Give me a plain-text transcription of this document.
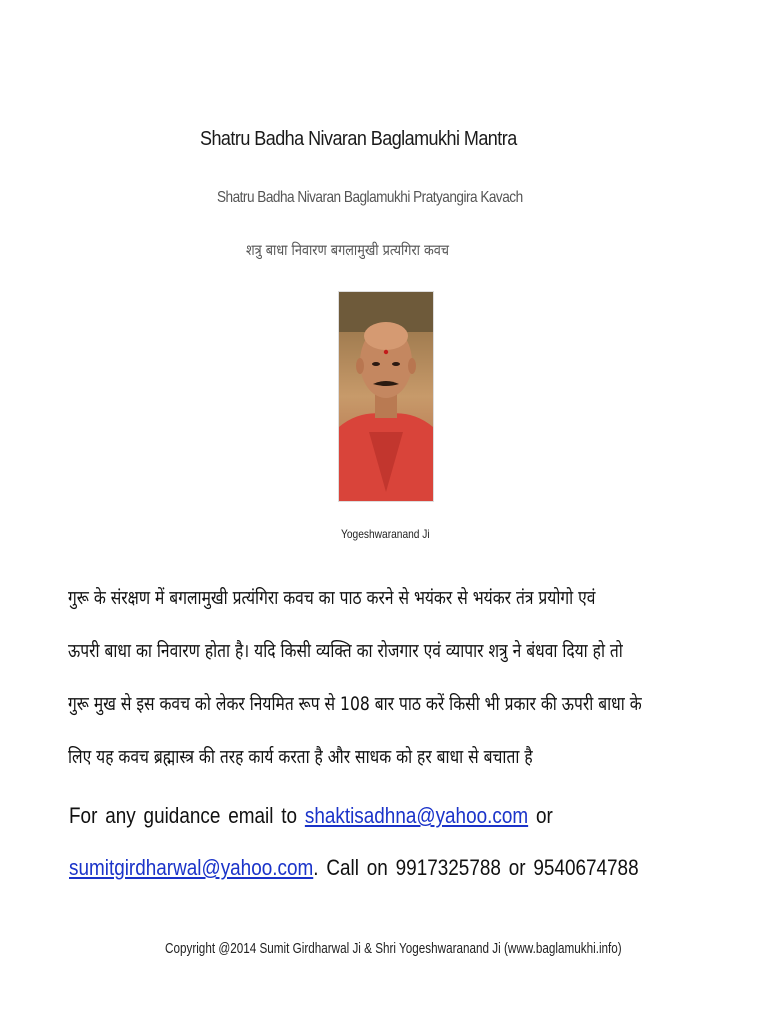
Shatru Badha Nivaran Baglamukhi Mantra
Shatru Badha Nivaran Baglamukhi Pratyangira Kavach
शत्रु बाधा निवारण बगलामुखी प्रत्यगिरा कवच
Yogeshwaranand Ji
गुरू के संरक्षण में बगलामुखी प्रत्यंगिरा कवच का पाठ करने से भयंकर से भयंकर तंत्र प्रयोगो एवं
ऊपरी बाधा का निवारण होता है। यदि किसी व्यक्ति का रोजगार एवं व्यापार शत्रु ने बंधवा दिया हो तो
गुरू मुख से इस कवच को लेकर नियमित रूप से 108 बार पाठ करें किसी भी प्रकार की ऊपरी बाधा के
लिए यह कवच ब्रह्मास्त्र की तरह कार्य करता है और साधक को हर बाधा से बचाता है
For any guidance email to shaktisadhna@yahoo.com or
sumitgirdharwal@yahoo.com. Call on 9917325788 or 9540674788
Copyright @2014 Sumit Girdharwal Ji & Shri Yogeshwaranand Ji (www.baglamukhi.info)
